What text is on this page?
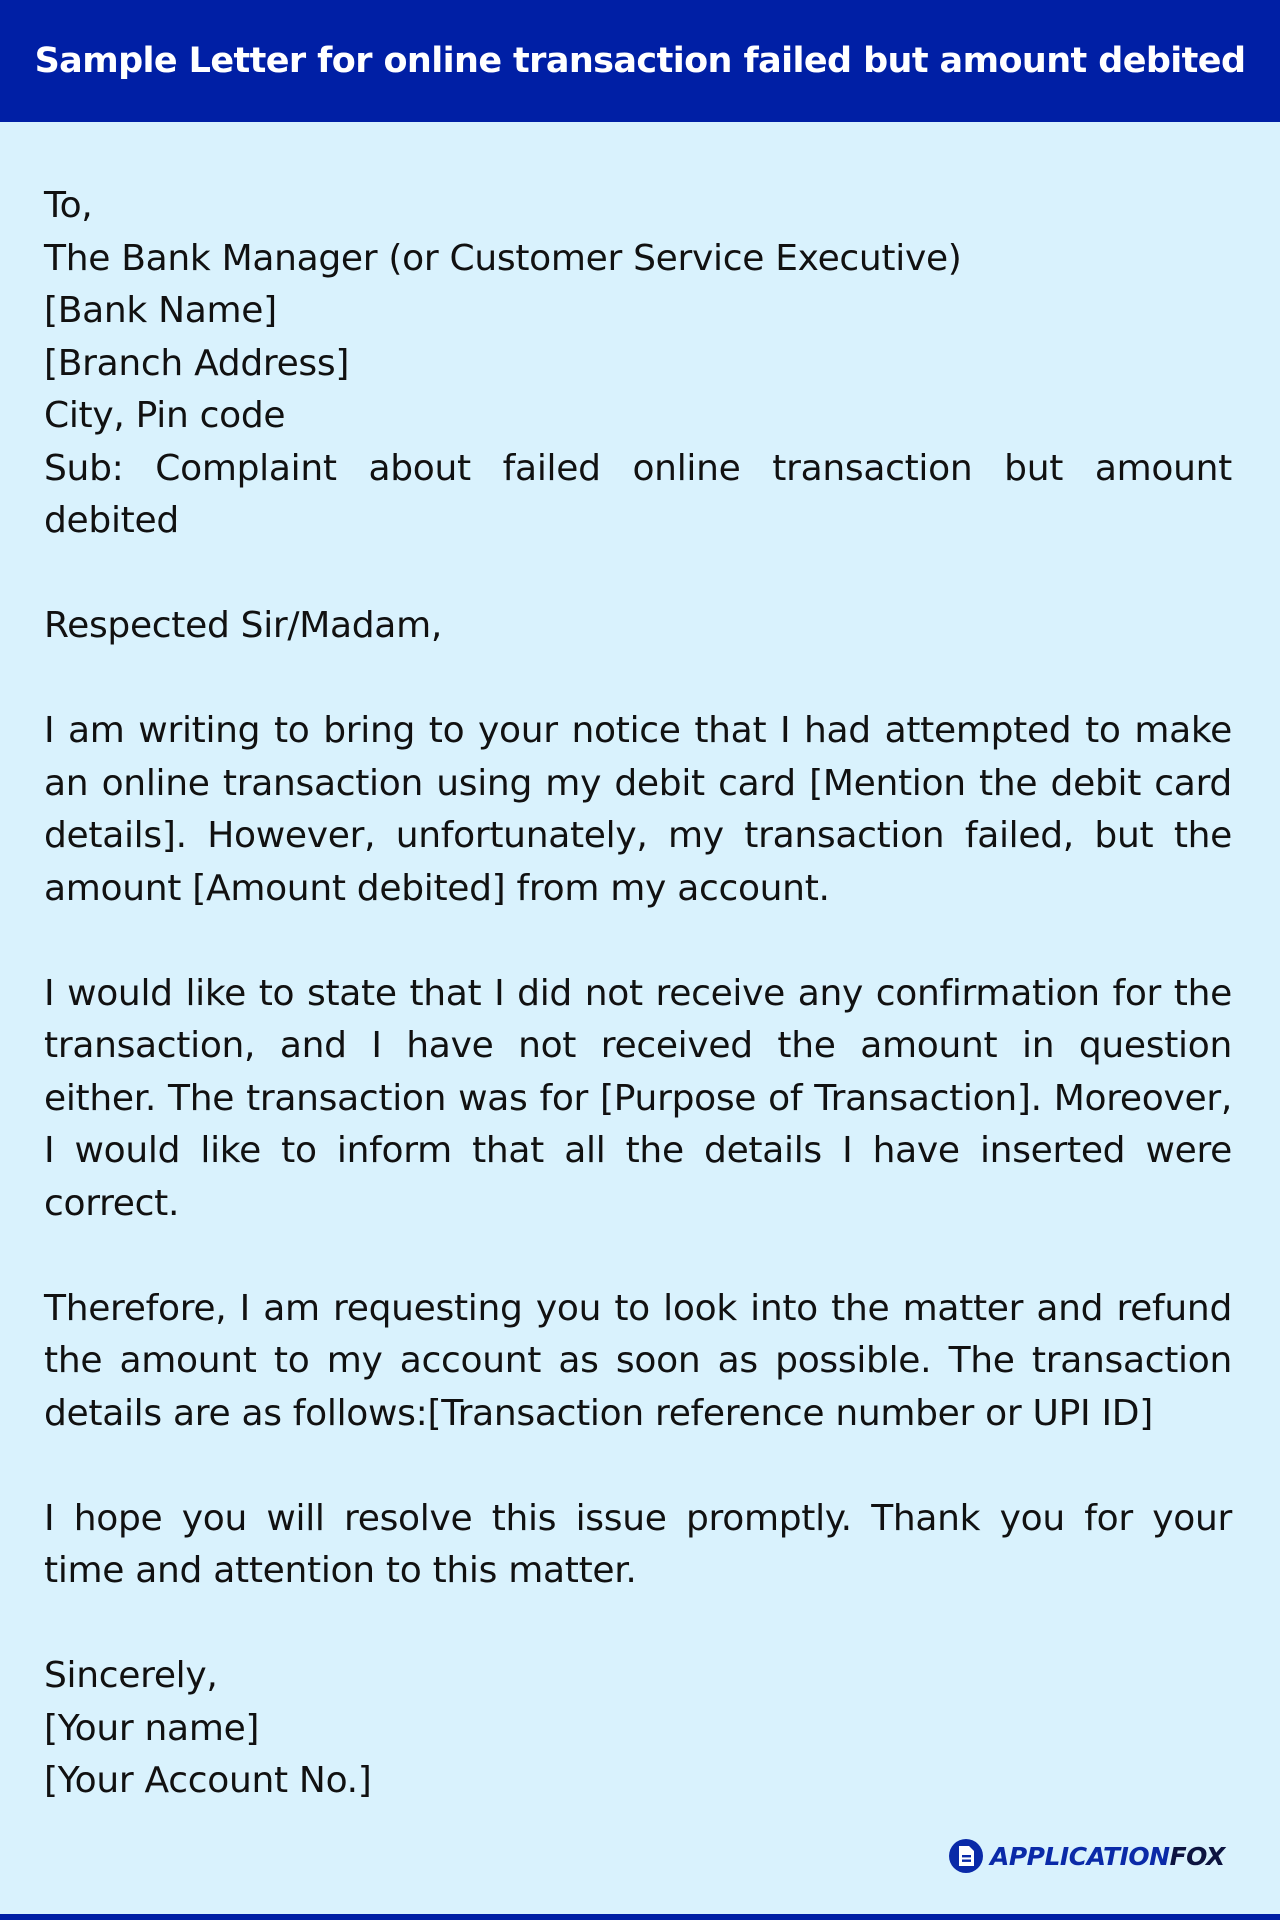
Sample Letter for online transaction failed but amount debited
To,
The Bank Manager (or Customer Service Executive)
[Bank Name]
[Branch Address]
City, Pin code

Sub: Complaint about failed online transaction but amount debited

Respected Sir/Madam,

I am writing to bring to your notice that I had attempted to make an online transaction using my debit card [Mention the debit card details]. However, unfortunately, my transaction failed, but the amount [Amount debited] from my account.

I would like to state that I did not receive any confirmation for the transaction, and I have not received the amount in question either. The transaction was for [Purpose of Transaction]. Moreover, I would like to inform that all the details I have inserted were correct.

Therefore, I am requesting you to look into the matter and refund the amount to my account as soon as possible. The transaction details are as follows:[Transaction reference number or UPI ID]

I hope you will resolve this issue promptly. Thank you for your time and attention to this matter.

Sincerely,
[Your name]
[Your Account No.]
APPLICATIONFOX
